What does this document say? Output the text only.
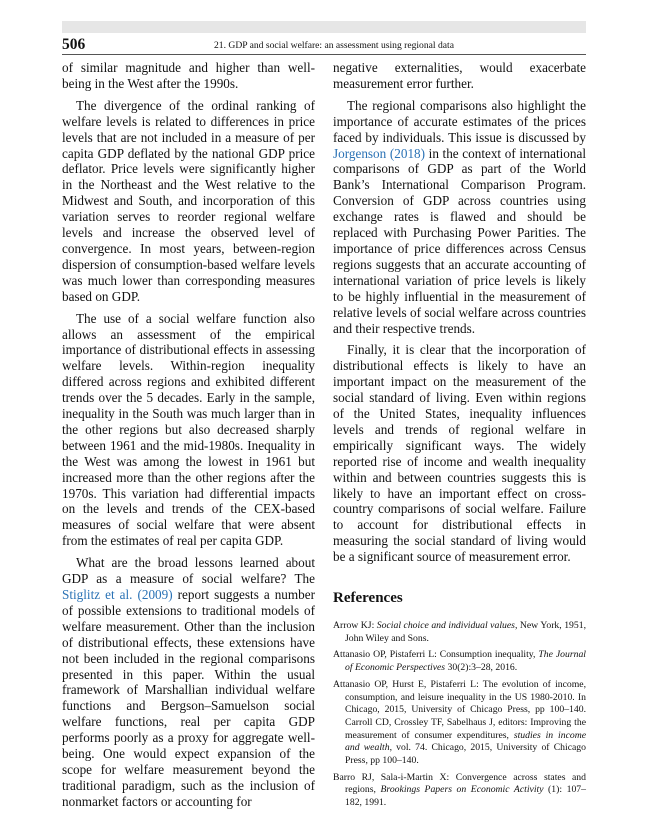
506	21. GDP and social welfare: an assessment using regional data

of similar magnitude and higher than well-being in the West after the 1990s.

The divergence of the ordinal ranking of welfare levels is related to differences in price levels that are not included in a measure of per capita GDP deflated by the national GDP price deflator. Price levels were significantly higher in the Northeast and the West relative to the Midwest and South, and incorporation of this variation serves to reorder regional welfare levels and increase the observed level of convergence. In most years, between-region dispersion of consumption-based welfare levels was much lower than corresponding measures based on GDP.

The use of a social welfare function also allows an assessment of the empirical importance of distributional effects in assessing welfare levels. Within-region inequality differed across regions and exhibited different trends over the 5 decades. Early in the sample, inequality in the South was much larger than in the other regions but also decreased sharply between 1961 and the mid-1980s. Inequality in the West was among the lowest in 1961 but increased more than the other regions after the 1970s. This variation had differential impacts on the levels and trends of the CEX-based measures of social welfare that were absent from the estimates of real per capita GDP.

What are the broad lessons learned about GDP as a measure of social welfare? The Stiglitz et al. (2009) report suggests a number of possible extensions to traditional models of welfare measurement. Other than the inclusion of distributional effects, these extensions have not been included in the regional comparisons presented in this paper. Within the usual framework of Marshallian individual welfare functions and Bergson–Samuelson social welfare functions, real per capita GDP performs poorly as a proxy for aggregate well-being. One would expect expansion of the scope for welfare measurement beyond the traditional paradigm, such as the inclusion of nonmarket factors or accounting for

negative externalities, would exacerbate measurement error further.

The regional comparisons also highlight the importance of accurate estimates of the prices faced by individuals. This issue is discussed by Jorgenson (2018) in the context of international comparisons of GDP as part of the World Bank’s International Comparison Program. Conversion of GDP across countries using exchange rates is flawed and should be replaced with Purchasing Power Parities. The importance of price differences across Census regions suggests that an accurate accounting of international variation of price levels is likely to be highly influential in the measurement of relative levels of social welfare across countries and their respective trends.

Finally, it is clear that the incorporation of distributional effects is likely to have an important impact on the measurement of the social standard of living. Even within regions of the United States, inequality influences levels and trends of regional welfare in empirically significant ways. The widely reported rise of income and wealth inequality within and between countries suggests this is likely to have an important effect on cross-country comparisons of social welfare. Failure to account for distributional effects in measuring the social standard of living would be a significant source of measurement error.

References
Arrow KJ: Social choice and individual values, New York, 1951, John Wiley and Sons.
Attanasio OP, Pistaferri L: Consumption inequality, The Journal of Economic Perspectives 30(2):3–28, 2016.
Attanasio OP, Hurst E, Pistaferri L: The evolution of income, consumption, and leisure inequality in the US 1980-2010. In Chicago, 2015, University of Chicago Press, pp 100–140. Carroll CD, Crossley TF, Sabelhaus J, editors: Improving the measurement of consumer expenditures, studies in income and wealth, vol. 74. Chicago, 2015, University of Chicago Press, pp 100–140.
Barro RJ, Sala-i-Martin X: Convergence across states and regions, Brookings Papers on Economic Activity (1): 107–182, 1991.
